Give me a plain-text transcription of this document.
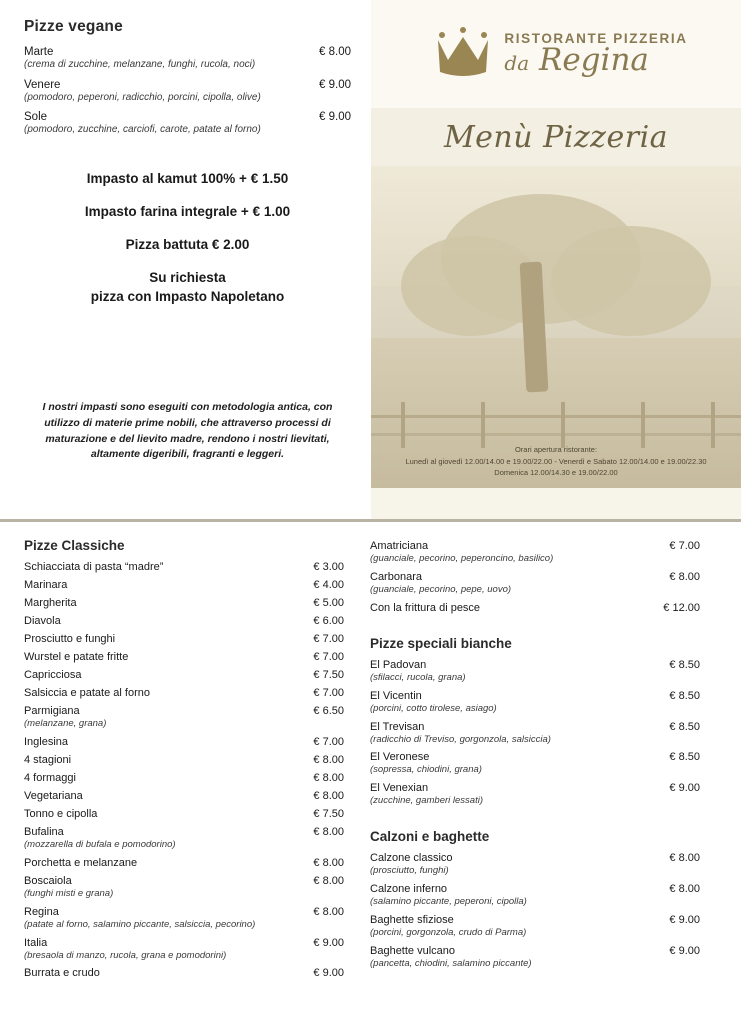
Pizze vegane
Marte	€ 8.00
(crema di zucchine, melanzane, funghi, rucola, noci)
Venere	€ 9.00
(pomodoro, peperoni, radicchio, porcini, cipolla, olive)
Sole	€ 9.00
(pomodoro, zucchine, carciofi, carote, patate al forno)
Impasto al kamut 100% + € 1.50
Impasto farina integrale + € 1.00
Pizza battuta € 2.00
Su richiesta
pizza con Impasto Napoletano
I nostri impasti sono eseguiti con metodologia antica, con utilizzo di materie prime nobili, che attraverso processi di maturazione e del lievito madre, rendono i nostri lievitati, altamente digeribili, fragranti e leggeri.
RISTORANTE PIZZERIA
da Regina
Menù Pizzeria
Orari apertura ristorante:
Lunedì al giovedì 12.00/14.00 e 19.00/22.00 - Venerdì e Sabato 12.00/14.00 e 19.00/22.30
Domenica 12.00/14.30 e 19.00/22.00
Pizze Classiche
Schiacciata di pasta “madre”	€ 3.00
Marinara	€ 4.00
Margherita	€ 5.00
Diavola	€ 6.00
Prosciutto e funghi	€ 7.00
Wurstel e patate fritte	€ 7.00
Capricciosa	€ 7.50
Salsiccia e patate al forno	€ 7.00
Parmigiana	€ 6.50
(melanzane, grana)
Inglesina	€ 7.00
4 stagioni	€ 8.00
4 formaggi	€ 8.00
Vegetariana	€ 8.00
Tonno e cipolla	€ 7.50
Bufalina	€ 8.00
(mozzarella di bufala e pomodorino)
Porchetta e melanzane	€ 8.00
Boscaiola	€ 8.00
(funghi misti e grana)
Regina	€ 8.00
(patate al forno, salamino piccante, salsiccia, pecorino)
Italia	€ 9.00
(bresaola di manzo, rucola, grana e pomodorini)
Burrata e crudo	€ 9.00
Amatriciana	€ 7.00
(guanciale, pecorino, peperoncino, basilico)
Carbonara	€ 8.00
(guanciale, pecorino, pepe, uovo)
Con la frittura di pesce	€ 12.00
Pizze speciali bianche
El Padovan	€ 8.50
(sfilacci, rucola, grana)
El Vicentin	€ 8.50
(porcini, cotto tirolese, asiago)
El Trevisan	€ 8.50
(radicchio di Treviso, gorgonzola, salsiccia)
El Veronese	€ 8.50
(sopressa, chiodini, grana)
El Venexian	€ 9.00
(zucchine, gamberi lessati)
Calzoni e baghette
Calzone classico	€ 8.00
(prosciutto, funghi)
Calzone inferno	€ 8.00
(salamino piccante, peperoni, cipolla)
Baghette sfiziose	€ 9.00
(porcini, gorgonzola, crudo di Parma)
Baghette vulcano	€ 9.00
(pancetta, chiodini, salamino piccante)
